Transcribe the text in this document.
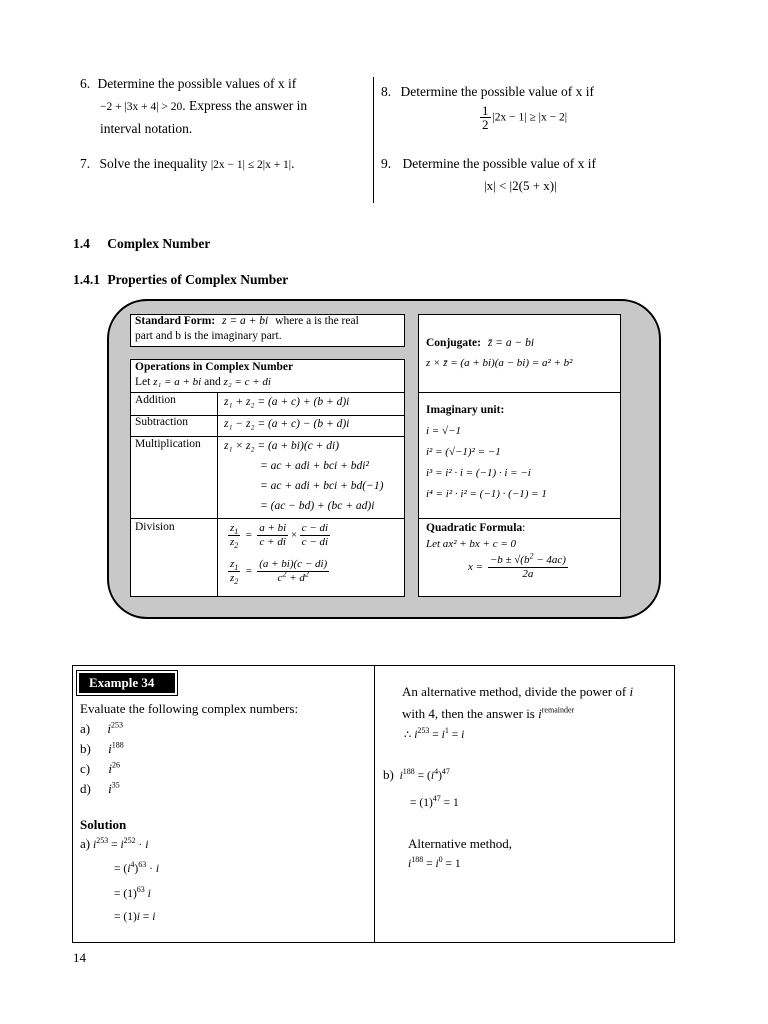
6. Determine the possible values of x if
−2 + |3x + 4| > 20. Express the answer in
interval notation.
7. Solve the inequality |2x − 1| ≤ 2|x + 1|.
8. Determine the possible value of x if
$\frac{1}{2} |2x - 1| \ge |x - 2|$
9. Determine the possible value of x if
|x| < |2(5 + x)|
1.4 Complex Number
1.4.1 Properties of Complex Number
Standard Form: z = a + bi where a is the real
part and b is the imaginary part.
Operations in Complex Number
Let z₁ = a + bi and z₂ = c + di
Addition	z₁ + z₂ = (a + c) + (b + d)i
Subtraction	z₁ − z₂ = (a + c) − (b + d)i
Multiplication z₁ × z₂ = (a + bi)(c + di)
= ac + adi + bci + bdi²
= ac + adi + bci + bd(−1)
= (ac − bd) + (bc + ad)i
Division	$\frac{z_1}{z_2} = \frac{a + bi}{c + di} \times \frac{c - di}{c - di}$
$\frac{z_1}{z_2} = \frac{(a + bi)(c - di)}{c^2 + d^2}$
Conjugate: z̄ = a − bi
z × z̄ = (a + bi)(a − bi) = a² + b²
Imaginary unit:
i = √−1
i² = (√−1)² = −1
i³ = i² · i = (−1) · i = −i
i⁴ = i² · i² = (−1) · (−1) = 1
Quadratic Formula:
Let ax² + bx + c = 0
$x = \frac{-b \pm √(b^2 - 4ac)}{2a}$
Example 34
Evaluate the following complex numbers:
a) $i^{253}$
b) $i^{188}$
c) $i^{26}$
d) $i^{35}$
Solution
a) $i^{253} = i^{252} \cdot i$
= $(i^4)^{63} \cdot i$
= $(1)^{63}$ i
= (1)i = i
An alternative method, divide the power of i
with 4, then the answer is $i^{remainder}$
∴ $i^{253} = i^1 = i$
b) $i^{188} = (i^4)^{47}$
= $(1)^{47} = 1$
Alternative method,
$i^{188} = i^0 = 1$
14
